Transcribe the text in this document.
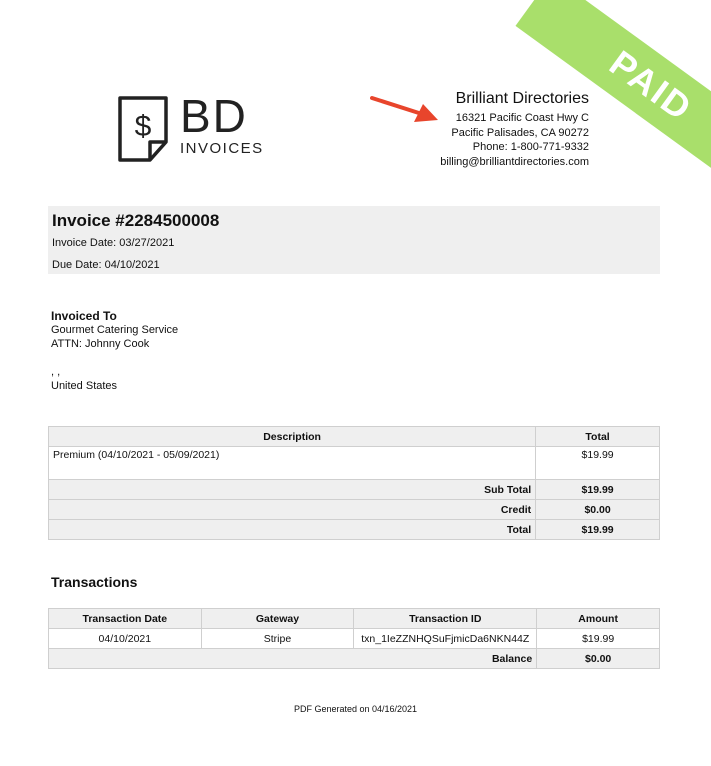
PAID
$ BD
INVOICES
Brilliant Directories
16321 Pacific Coast Hwy C
Pacific Palisades, CA 90272
Phone: 1-800-771-9332
billing@brilliantdirectories.com
Invoice #2284500008
Invoice Date: 03/27/2021
Due Date: 04/10/2021
Invoiced To
Gourmet Catering Service
ATTN: Johnny Cook
, ,
United States
Description	Total
Premium (04/10/2021 - 05/09/2021)	$19.99
Sub Total	$19.99
Credit	$0.00
Total	$19.99
Transactions
Transaction Date	Gateway	Transaction ID	Amount
04/10/2021	Stripe	txn_1IeZZNHQSuFjmicDa6NKN44Z	$19.99
Balance			$0.00
PDF Generated on 04/16/2021
